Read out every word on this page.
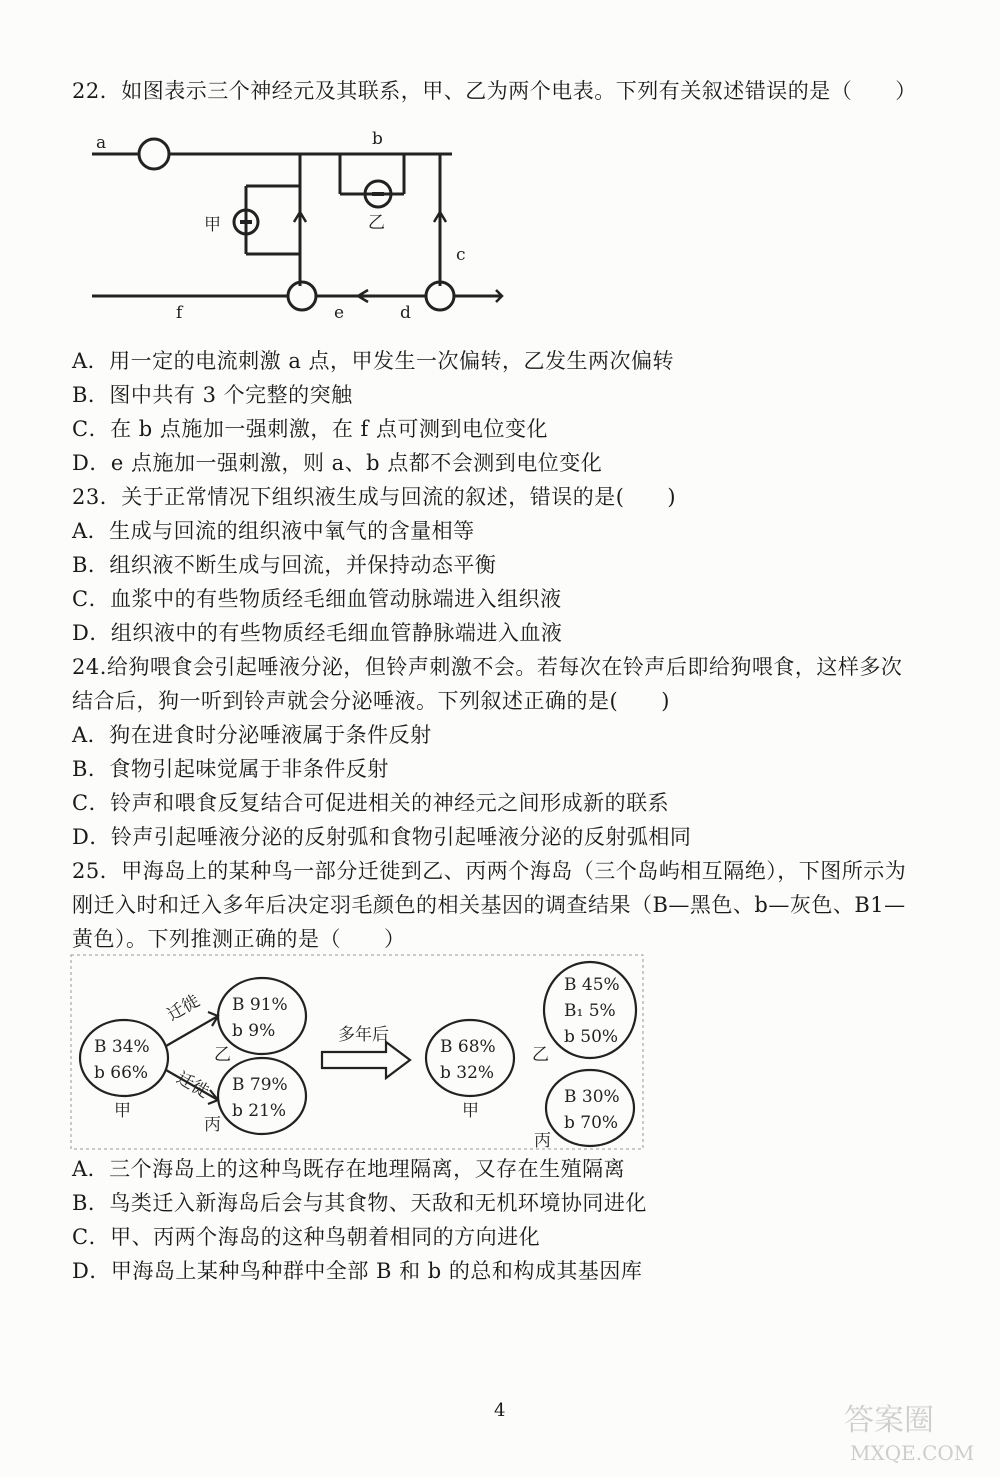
22．如图表示三个神经元及其联系，甲、乙为两个电表。下列有关叙述错误的是（　　）
a	b
c
d
e
f
甲	乙
A．用一定的电流刺激 a 点，甲发生一次偏转，乙发生两次偏转
B．图中共有 3 个完整的突触
C．在 b 点施加一强刺激，在 f 点可测到电位变化
D．e 点施加一强刺激，则 a、b 点都不会测到电位变化
23．关于正常情况下组织液生成与回流的叙述，错误的是(　　)
A．生成与回流的组织液中氧气的含量相等
B．组织液不断生成与回流，并保持动态平衡
C．血浆中的有些物质经毛细血管动脉端进入组织液
D．组织液中的有些物质经毛细血管静脉端进入血液
24.给狗喂食会引起唾液分泌，但铃声刺激不会。若每次在铃声后即给狗喂食，这样多次
结合后，狗一听到铃声就会分泌唾液。下列叙述正确的是(　　)
A．狗在进食时分泌唾液属于条件反射
B．食物引起味觉属于非条件反射
C．铃声和喂食反复结合可促进相关的神经元之间形成新的联系
D．铃声引起唾液分泌的反射弧和食物引起唾液分泌的反射弧相同
25．甲海岛上的某种鸟一部分迁徙到乙、丙两个海岛（三个岛屿相互隔绝），下图所示为
刚迁入时和迁入多年后决定羽毛颜色的相关基因的调查结果（B—黑色、b—灰色、B1—
黄色）。下列推测正确的是（　　）
B 34%
b 66%
甲
B 91%
b 9%
乙
B 79%
b 21%
丙
迁徙
迁徙
多年后
B 68%
b 32%
甲
B 45%
B₁ 5%
b 50%
乙
B 30%
b 70%
丙
A．三个海岛上的这种鸟既存在地理隔离，又存在生殖隔离
B．鸟类迁入新海岛后会与其食物、天敌和无机环境协同进化
C．甲、丙两个海岛的这种鸟朝着相同的方向进化
D．甲海岛上某种鸟种群中全部 B 和 b 的总和构成其基因库
4	答案圈
MXQE.COM
